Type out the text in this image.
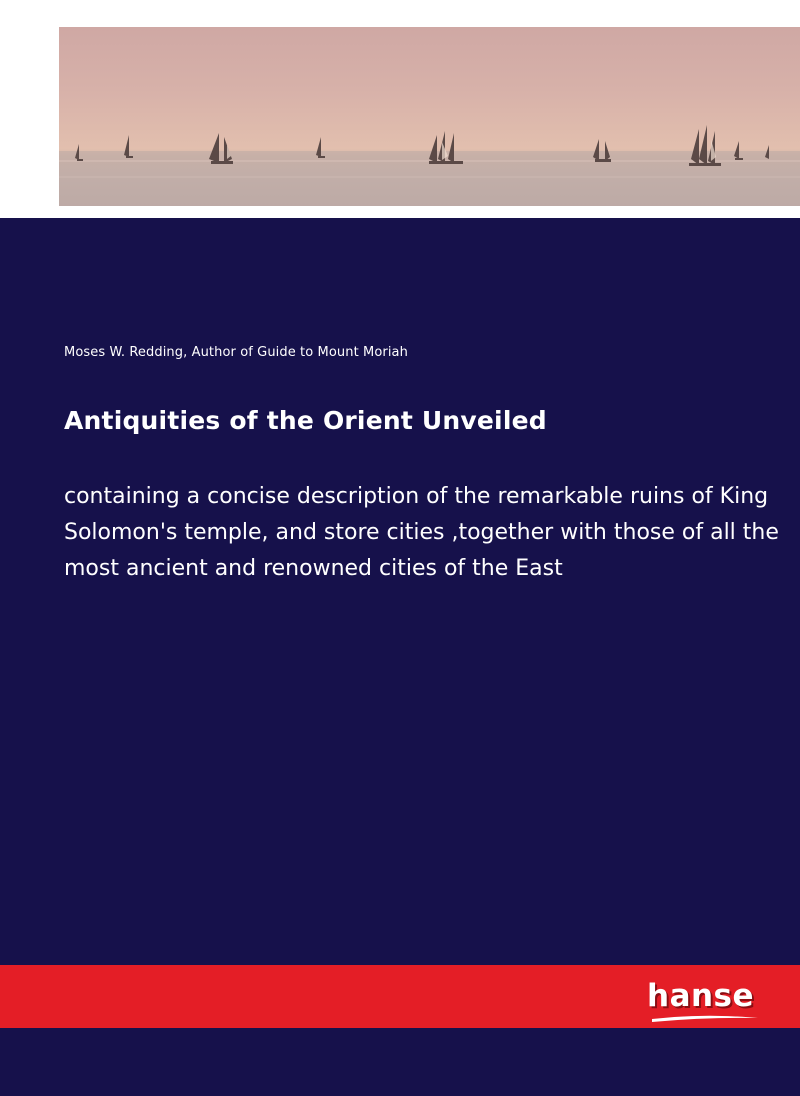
Moses W. Redding, Author of Guide to Mount Moriah
Antiquities of the Orient Unveiled
containing a concise description of the remarkable ruins of King Solomon's temple, and store cities ,together with those of all the most ancient and renowned cities of the East
hanse
